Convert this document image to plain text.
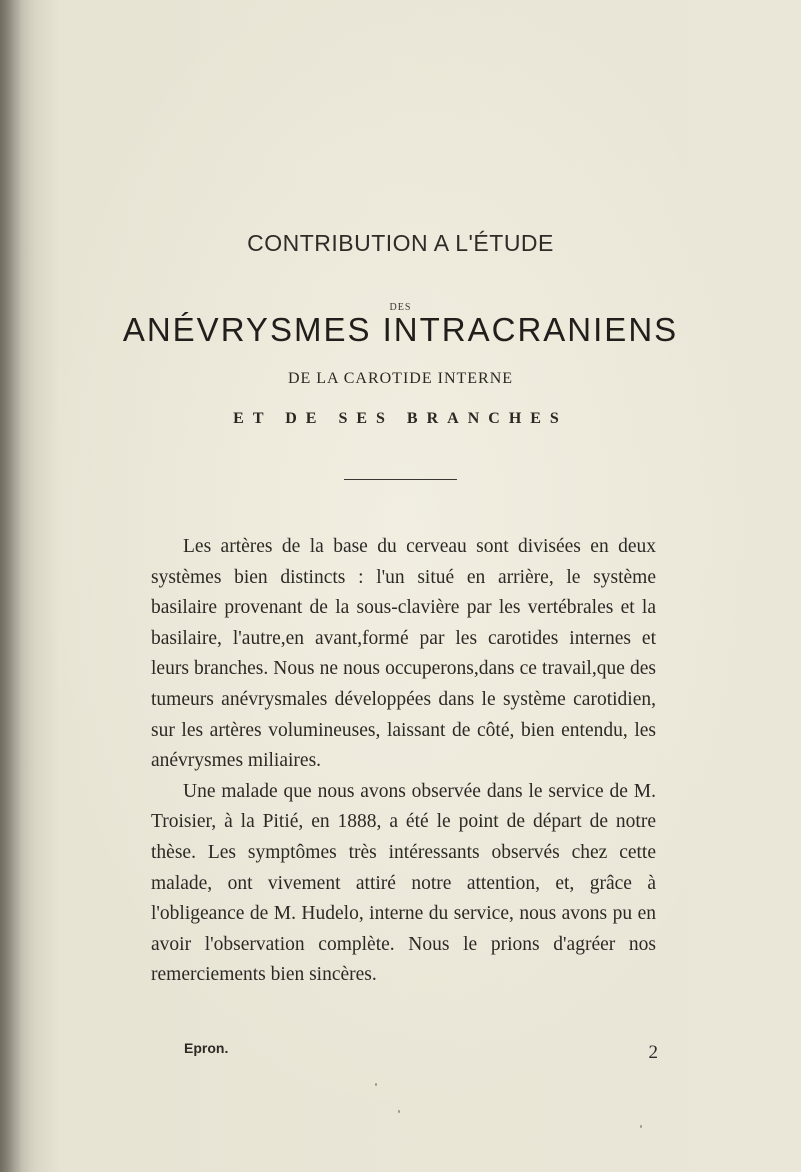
CONTRIBUTION A L'ÉTUDE
DES
ANÉVRYSMES INTRACRANIENS
DE LA CAROTIDE INTERNE
ET DE SES BRANCHES

Les artères de la base du cerveau sont divisées en deux systèmes bien distincts : l'un situé en arrière, le système basilaire provenant de la sous-clavière par les vertébrales et la basilaire, l'autre,en avant,formé par les carotides internes et leurs branches. Nous ne nous occuperons,dans ce travail,que des tumeurs anévrysmales développées dans le système carotidien, sur les artères volumineuses, laissant de côté, bien entendu, les anévrysmes miliaires.

Une malade que nous avons observée dans le service de M. Troisier, à la Pitié, en 1888, a été le point de départ de notre thèse. Les symptômes très intéressants observés chez cette malade, ont vivement attiré notre attention, et, grâce à l'obligeance de M. Hudelo, interne du service, nous avons pu en avoir l'observation complète. Nous le prions d'agréer nos remerciements bien sincères.

Epron.	2
